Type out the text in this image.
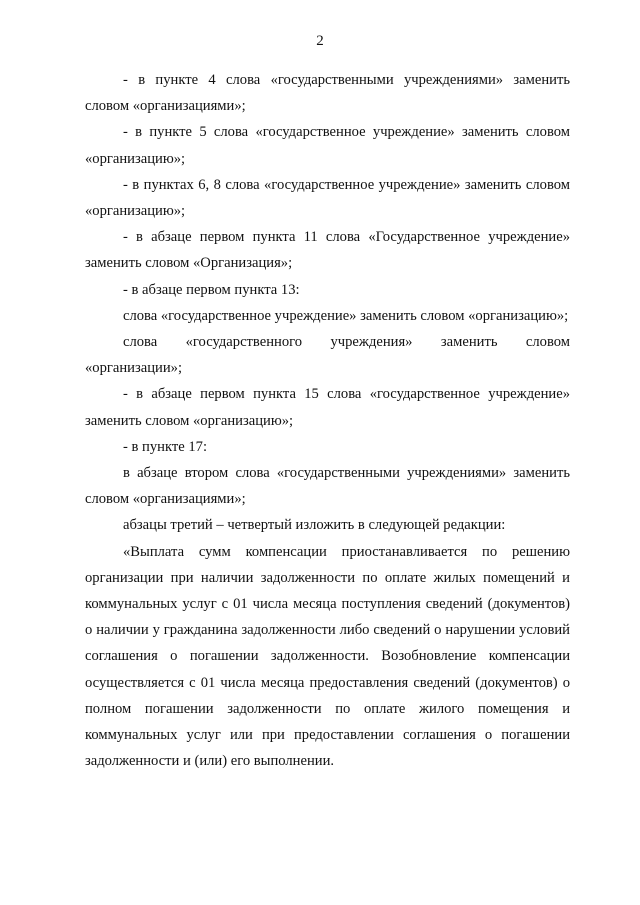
2

- в пункте 4 слова «государственными учреждениями» заменить словом «организациями»;

- в пункте 5 слова «государственное учреждение» заменить словом «организацию»;

- в пунктах 6, 8 слова «государственное учреждение» заменить словом «организацию»;

- в абзаце первом пункта 11 слова «Государственное учреждение» заменить словом «Организация»;

- в абзаце первом пункта 13:

слова «государственное учреждение» заменить словом «организацию»;

слова «государственного учреждения» заменить словом «организации»;

- в абзаце первом пункта 15 слова «государственное учреждение» заменить словом «организацию»;

- в пункте 17:

в абзаце втором слова «государственными учреждениями» заменить словом «организациями»;

абзацы третий – четвертый изложить в следующей редакции:

«Выплата сумм компенсации приостанавливается по решению организации при наличии задолженности по оплате жилых помещений и коммунальных услуг с 01 числа месяца поступления сведений (документов) о наличии у гражданина задолженности либо сведений о нарушении условий соглашения о погашении задолженности. Возобновление компенсации осуществляется с 01 числа месяца предоставления сведений (документов) о полном погашении задолженности по оплате жилого помещения и коммунальных услуг или при предоставлении соглашения о погашении задолженности и (или) его выполнении.
